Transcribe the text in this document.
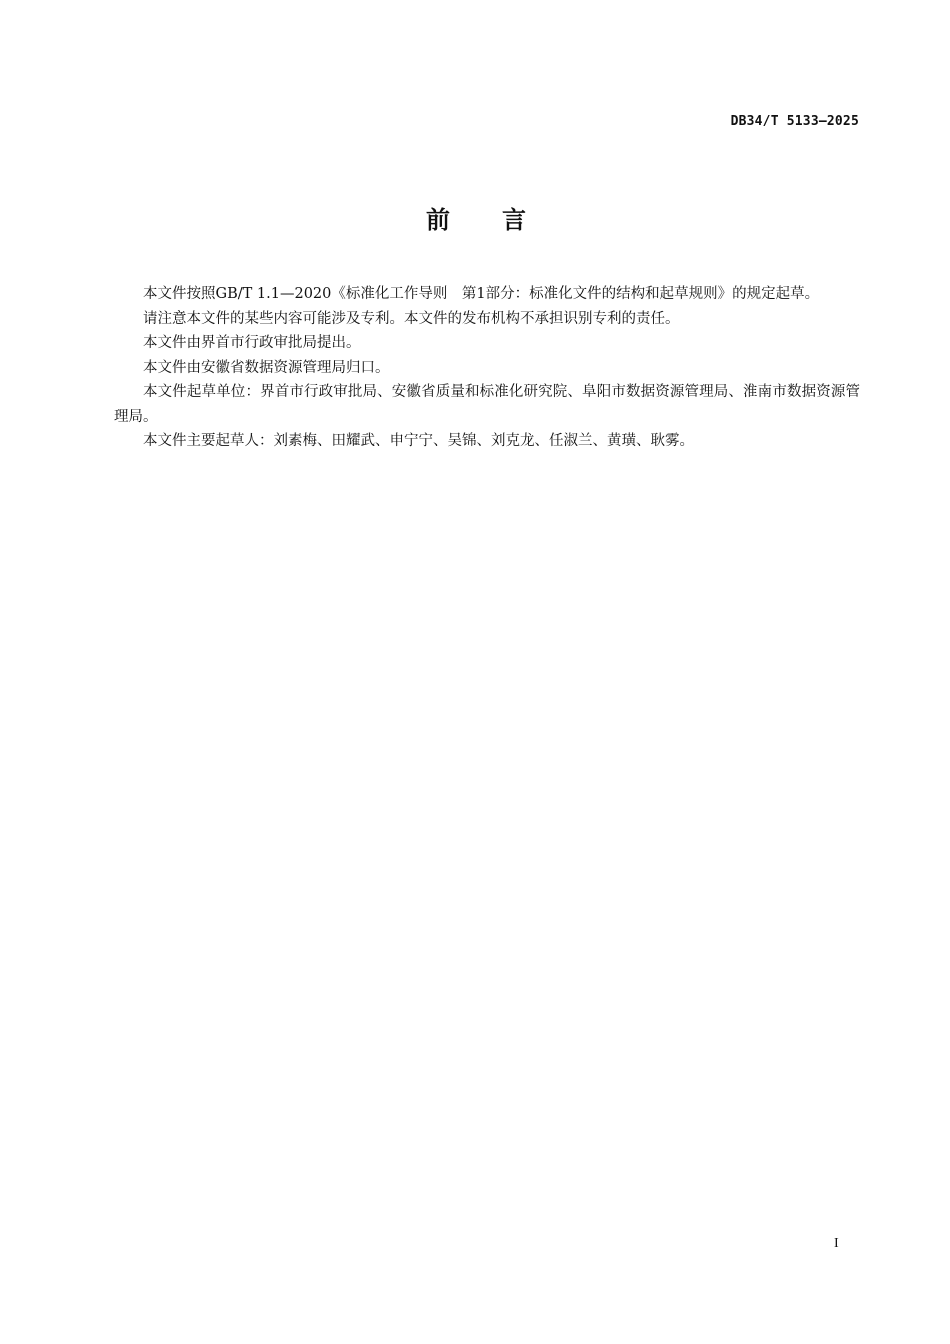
DB34/T 5133—2025
前言

本文件按照GB/T 1.1—2020《标准化工作导则　第1部分：标准化文件的结构和起草规则》的规定起草。

请注意本文件的某些内容可能涉及专利。本文件的发布机构不承担识别专利的责任。

本文件由界首市行政审批局提出。

本文件由安徽省数据资源管理局归口。

本文件起草单位：界首市行政审批局、安徽省质量和标准化研究院、阜阳市数据资源管理局、淮南市数据资源管理局。

本文件主要起草人：刘素梅、田耀武、申宁宁、吴锦、刘克龙、任淑兰、黄璜、耿雾。

I
